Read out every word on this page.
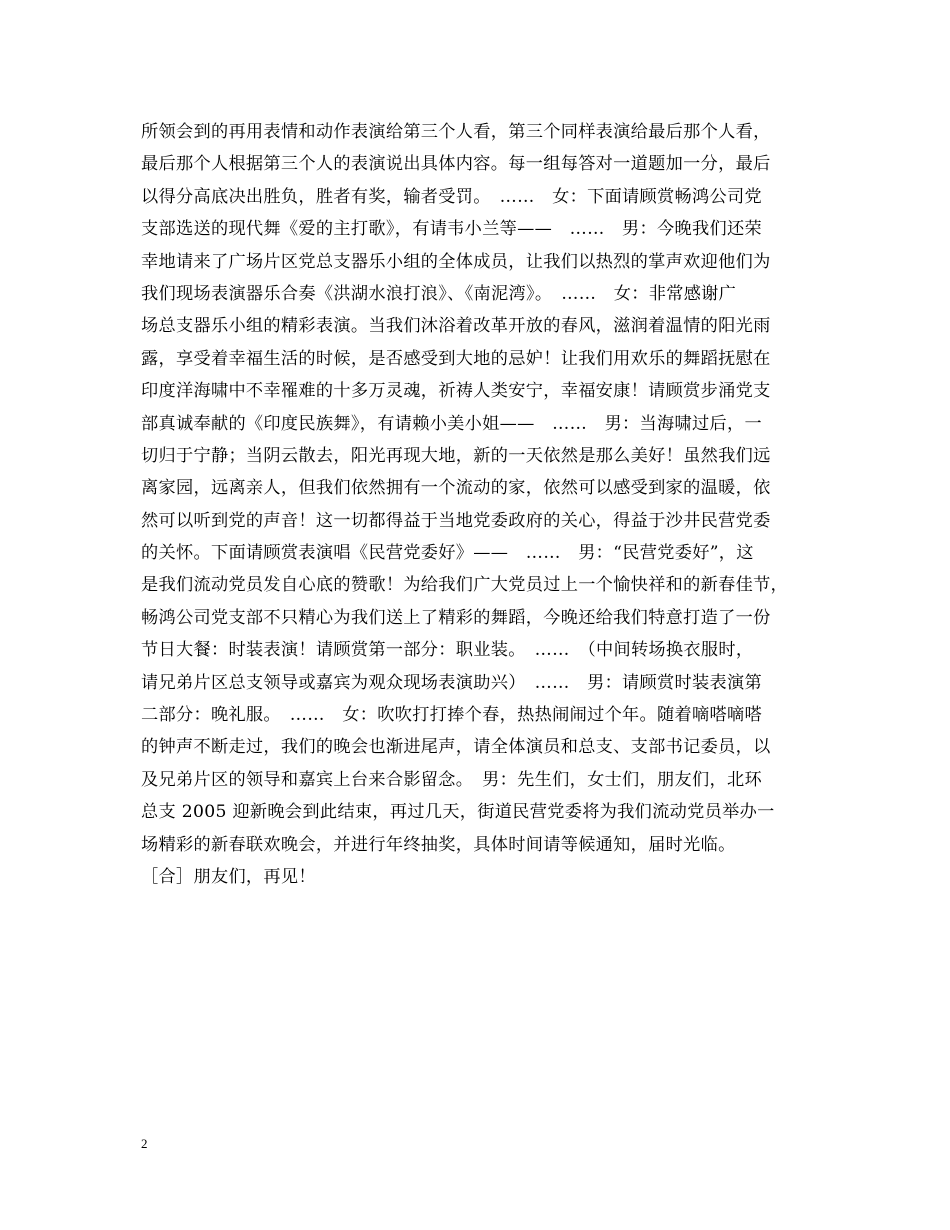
所领会到的再用表情和动作表演给第三个人看，第三个同样表演给最后那个人看，
最后那个人根据第三个人的表演说出具体内容。每一组每答对一道题加一分，最后
以得分高底决出胜负，胜者有奖，输者受罚。　……　女：下面请顾赏畅鸿公司党
支部选送的现代舞《爱的主打歌》，有请韦小兰等——　……　男：今晚我们还荣
幸地请来了广场片区党总支器乐小组的全体成员，让我们以热烈的掌声欢迎他们为
我们现场表演器乐合奏《洪湖水浪打浪》、《南泥湾》。　……　女：非常感谢广
场总支器乐小组的精彩表演。当我们沐浴着改革开放的春风，滋润着温情的阳光雨
露，享受着幸福生活的时候，是否感受到大地的忌妒！让我们用欢乐的舞蹈抚慰在
印度洋海啸中不幸罹难的十多万灵魂，祈祷人类安宁，幸福安康！请顾赏步涌党支
部真诚奉献的《印度民族舞》，有请赖小美小姐——　……　男：当海啸过后，一
切归于宁静；当阴云散去，阳光再现大地，新的一天依然是那么美好！虽然我们远
离家园，远离亲人，但我们依然拥有一个流动的家，依然可以感受到家的温暖，依
然可以听到党的声音！这一切都得益于当地党委政府的关心，得益于沙井民营党委
的关怀。下面请顾赏表演唱《民营党委好》——　……　男：“民营党委好”，这
是我们流动党员发自心底的赞歌！为给我们广大党员过上一个愉快祥和的新春佳节，
畅鸿公司党支部不只精心为我们送上了精彩的舞蹈，今晚还给我们特意打造了一份
节日大餐：时装表演！请顾赏第一部分：职业装。　……　（中间转场换衣服时，
请兄弟片区总支领导或嘉宾为观众现场表演助兴）　……　男：请顾赏时装表演第
二部分：晚礼服。　……　女：吹吹打打捧个春，热热闹闹过个年。随着嘀嗒嘀嗒
的钟声不断走过，我们的晚会也渐进尾声，请全体演员和总支、支部书记委员，以
及兄弟片区的领导和嘉宾上台来合影留念。　男：先生们，女士们，朋友们，北环
总支 2005 迎新晚会到此结束，再过几天，街道民营党委将为我们流动党员举办一
场精彩的新春联欢晚会，并进行年终抽奖，具体时间请等候通知，届时光临。
［合］朋友们，再见！
2
